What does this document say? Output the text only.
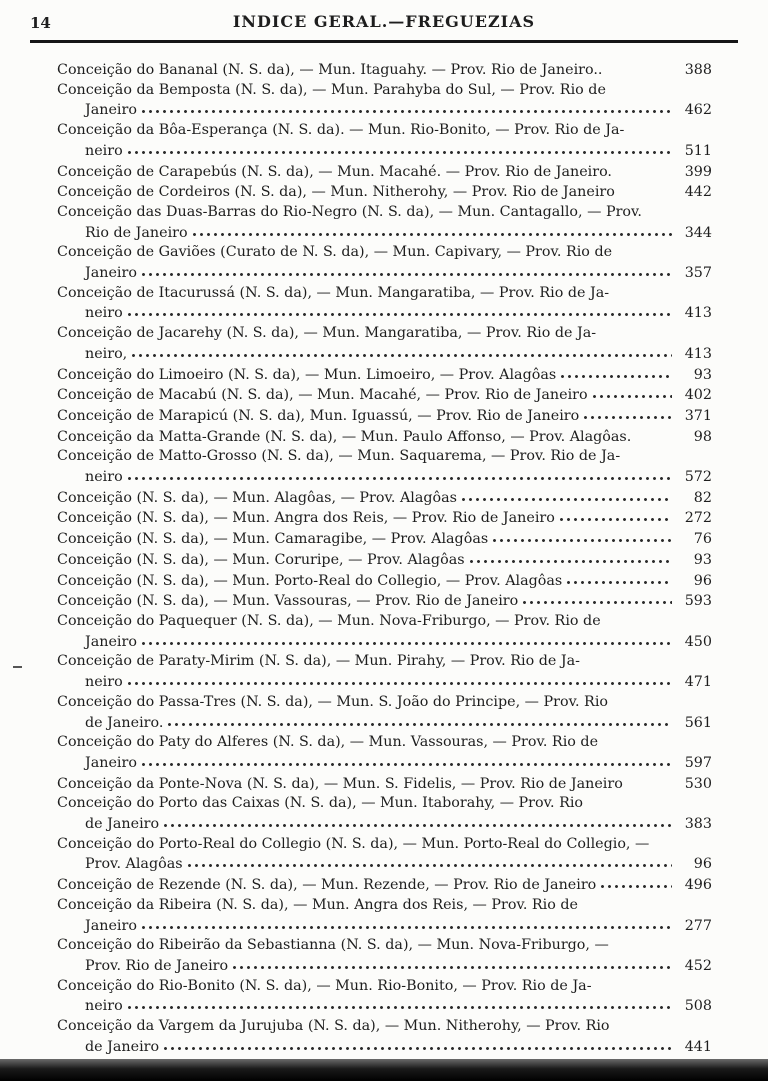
14	INDICE GERAL.—FREGUEZIAS
Conceição do Bananal (N. S. da), — Mun. Itaguahy. — Prov. Rio de Janeiro..	388
Conceição da Bemposta (N. S. da), — Mun. Parahyba do Sul, — Prov. Rio de
Janeiro	462
Conceição da Bôa-Esperança (N. S. da). — Mun. Rio-Bonito, — Prov. Rio de Ja-
neiro	511
Conceição de Carapebús (N. S. da), — Mun. Macahé. — Prov. Rio de Janeiro.	399
Conceição de Cordeiros (N. S. da), — Mun. Nitherohy, — Prov. Rio de Janeiro	442
Conceição das Duas-Barras do Rio-Negro (N. S. da), — Mun. Cantagallo, — Prov.
Rio de Janeiro	344
Conceição de Gaviões (Curato de N. S. da), — Mun. Capivary, — Prov. Rio de
Janeiro	357
Conceição de Itacurussá (N. S. da), — Mun. Mangaratiba, — Prov. Rio de Ja-
neiro	413
Conceição de Jacarehy (N. S. da), — Mun. Mangaratiba, — Prov. Rio de Ja-
neiro,	413
Conceição do Limoeiro (N. S. da), — Mun. Limoeiro, — Prov. Alagôas	93
Conceição de Macabú (N. S. da), — Mun. Macahé, — Prov. Rio de Janeiro	402
Conceição de Marapicú (N. S. da), Mun. Iguassú, — Prov. Rio de Janeiro	371
Conceição da Matta-Grande (N. S. da), — Mun. Paulo Affonso, — Prov. Alagôas.	98
Conceição de Matto-Grosso (N. S. da), — Mun. Saquarema, — Prov. Rio de Ja-
neiro	572
Conceição (N. S. da), — Mun. Alagôas, — Prov. Alagôas	82
Conceição (N. S. da), — Mun. Angra dos Reis, — Prov. Rio de Janeiro	272
Conceição (N. S. da), — Mun. Camaragibe, — Prov. Alagôas	76
Conceição (N. S. da), — Mun. Coruripe, — Prov. Alagôas	93
Conceição (N. S. da), — Mun. Porto-Real do Collegio, — Prov. Alagôas	96
Conceição (N. S. da), — Mun. Vassouras, — Prov. Rio de Janeiro	593
Conceição do Paquequer (N. S. da), — Mun. Nova-Friburgo, — Prov. Rio de
Janeiro	450
Conceição de Paraty-Mirim (N. S. da), — Mun. Pirahy, — Prov. Rio de Ja-
neiro	471
Conceição do Passa-Tres (N. S. da), — Mun. S. João do Principe, — Prov. Rio
de Janeiro.	561
Conceição do Paty do Alferes (N. S. da), — Mun. Vassouras, — Prov. Rio de
Janeiro	597
Conceição da Ponte-Nova (N. S. da), — Mun. S. Fidelis, — Prov. Rio de Janeiro	530
Conceição do Porto das Caixas (N. S. da), — Mun. Itaborahy, — Prov. Rio
de Janeiro	383
Conceição do Porto-Real do Collegio (N. S. da), — Mun. Porto-Real do Collegio, —
Prov. Alagôas	96
Conceição de Rezende (N. S. da), — Mun. Rezende, — Prov. Rio de Janeiro	496
Conceição da Ribeira (N. S. da), — Mun. Angra dos Reis, — Prov. Rio de
Janeiro	277
Conceição do Ribeirão da Sebastianna (N. S. da), — Mun. Nova-Friburgo, —
Prov. Rio de Janeiro	452
Conceição do Rio-Bonito (N. S. da), — Mun. Rio-Bonito, — Prov. Rio de Ja-
neiro	508
Conceição da Vargem da Jurujuba (N. S. da), — Mun. Nitherohy, — Prov. Rio
de Janeiro	441
